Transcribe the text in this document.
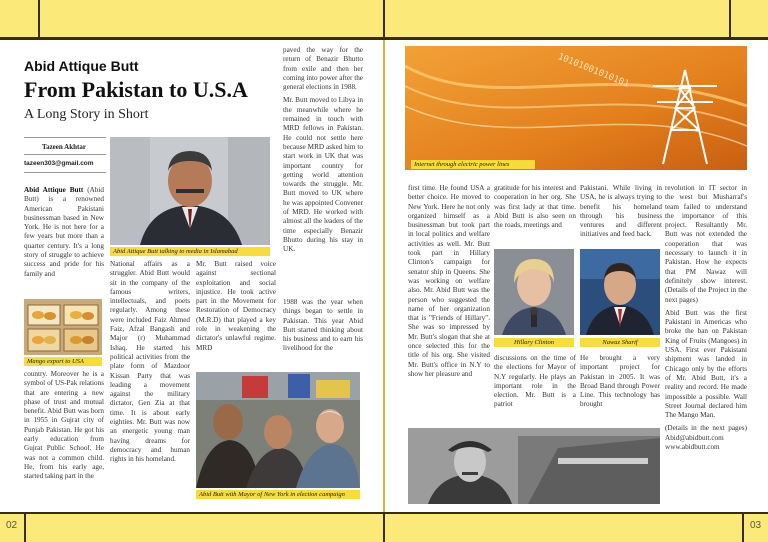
02	03
Abid Attique Butt
From Pakistan to U.S.A
A Long Story in Short
Tazeen Akhtar
tazeen303@gmail.com
Abid Attique Butt (Abid Butt) is a renowned American Pakistani businessman based in New York. He is not here for a few years but more than a quarter century. It's a long story of struggle to achieve success and pride for his family and
Mango export to USA
country. Moreover he is a symbol of US-Pak relations that are entering a new phase of trust and mutual benefit. Abid Butt was born in 1955 in Gujrat city of Punjab Pakistan. He got his early education from Gujrat Public School. He was not a common child. He, from his early age, started taking part in the
Abid Attique Butt talking to media in Islamabad
National affairs as a struggler. Abid Butt would sit in the company of the famous writers, intellectuals, and poets regularly. Among these were included Faiz Ahmed Faiz, Afzal Bangash and Major (r) Muhammad Ishaq. He started his political activities from the plate form of Mazdoor Kissan Party that was leading a movement against the military dictator, Gen Zia at that time. It is about early eighties. Mr. Butt was now an energetic young man having dreams for democracy and human rights in his homeland.
Mr. Butt raised voice against sectional exploitation and social injustice. He took active part in the Movement for Restoration of Democracy (M.R.D) that played a key role in weakening the dictator's unlawful regime. MRD

paved the way for the return of Benazir Bhutto from exile and then her coming into power after the general elections in 1988.

Mr. Butt moved to Libya in the meanwhile where he remained in touch with MRD fellows in Pakistan. He could not settle here because MRD asked him to start work in UK that was important country for getting world attention towards the struggle. Mr. Butt moved to UK where he was appointed Convener of MRD. He worked with almost all the leaders of the time especially Benazir Bhutto during his stay in UK.

1988 was the year when things began to settle in Pakistan. This year Abid Butt started thinking about his business and to earn his livelihood for the
Abid Butt with Mayor of New York in election campaign
10101001010101
Internet through electric power lines
first time. He found USA a better choice. He moved to New York. Here he not only organized himself as a businessman but took part in local politics and welfare activities as well. Mr. Butt took part in Hillary Clinton's campaign for senator ship in Queens. She was working on welfare also. Mr. Abid Butt was the person who suggested the name of her organization that is "Friends of Hillary". She was so impressed by Mr. Butt's slogan that she at once selected this for the title of his org. She visited Mr. Butt's office in N.Y to show her pleasure and
gratitude for his interest and cooperation in her org. She was first lady at that time. Abid Butt is also seen on the roads, meetings and
discussions on the time of the elections for Mayor of N.Y regularly. He plays an important role in the election. Mr. Butt is a patriot
Pakistani. While living in USA, he is always trying to benefit his homeland through his business ventures and different initiatives and feed back.
He brought a very important project for Pakistan in 2005. It was Broad Band through Power Line. This technology has brought

revolution in IT sector in the west but Musharraf's team failed to understand the importance of this project. Resultantly Mr. Butt was not extended the cooperation that was necessary to launch it in Pakistan. How he expects that PM Nawaz will definitely show interest. (Details of the Project in the next pages)

Abid Butt was the first Pakistani in Americas who broke the ban on Pakistan King of Fruits (Mangoes) in USA. First ever Pakistani shipment was landed in Chicago only by the efforts of Mr. Abid Butt, it's a reality and record. He made impossible a possible. Wall Street Journal declared him The Mango Man.

(Details in the next pages) Abid@abidbutt.com www.abidbutt.com

Hillary Clinton	Nawaz Sharif
